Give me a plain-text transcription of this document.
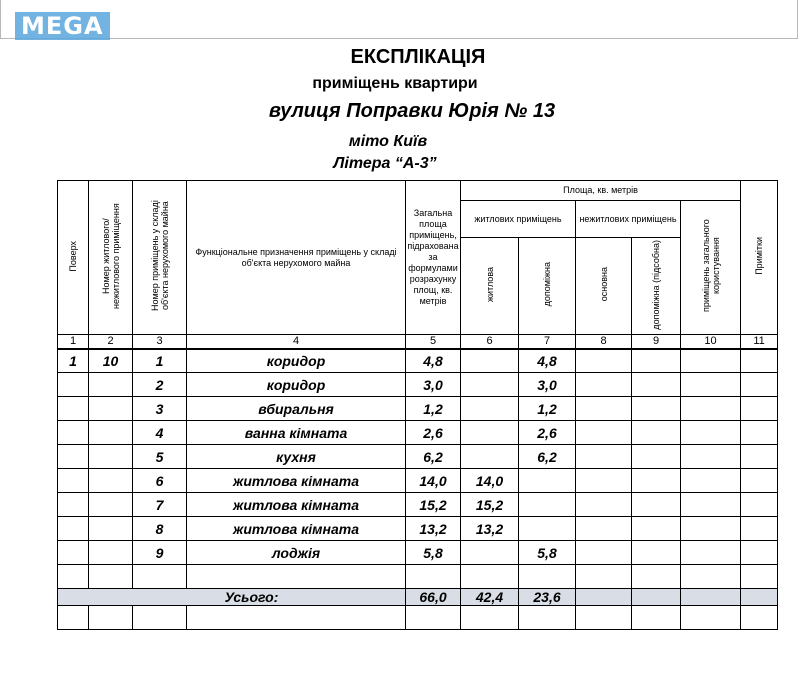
MEGA
ЕКСПЛІКАЦІЯ
приміщень квартири
вулиця Поправки Юрія № 13
міто Київ
Літера “А-3”
Поверх	Номер житлового/ нежитлового приміщення	Номер приміщень у складі об'єкта нерухомого майна	Функціональне призначення приміщень у складі об'єкта нерухомого майна	Загальна площа приміщень, підрахована за формулами розрахунку площ, кв. метрів	Площа, кв. метрів					Примітки
					житлових приміщень		нежитлових приміщень		приміщень загального користування	
					житлова	допоміжна	основна	допоміжна (підсобна)		
1	2	3	4	5	6	7	8	9	10	11
1	10	1	коридор	4,8		4,8				
		2	коридор	3,0		3,0				
		3	вбиральня	1,2		1,2				
		4	ванна кімната	2,6		2,6				
		5	кухня	6,2		6,2				
		6	житлова кімната	14,0	14,0					
		7	житлова кімната	15,2	15,2					
		8	житлова кімната	13,2	13,2					
		9	лоджія	5,8		5,8				

Усього:				66,0	42,4	23,6				
